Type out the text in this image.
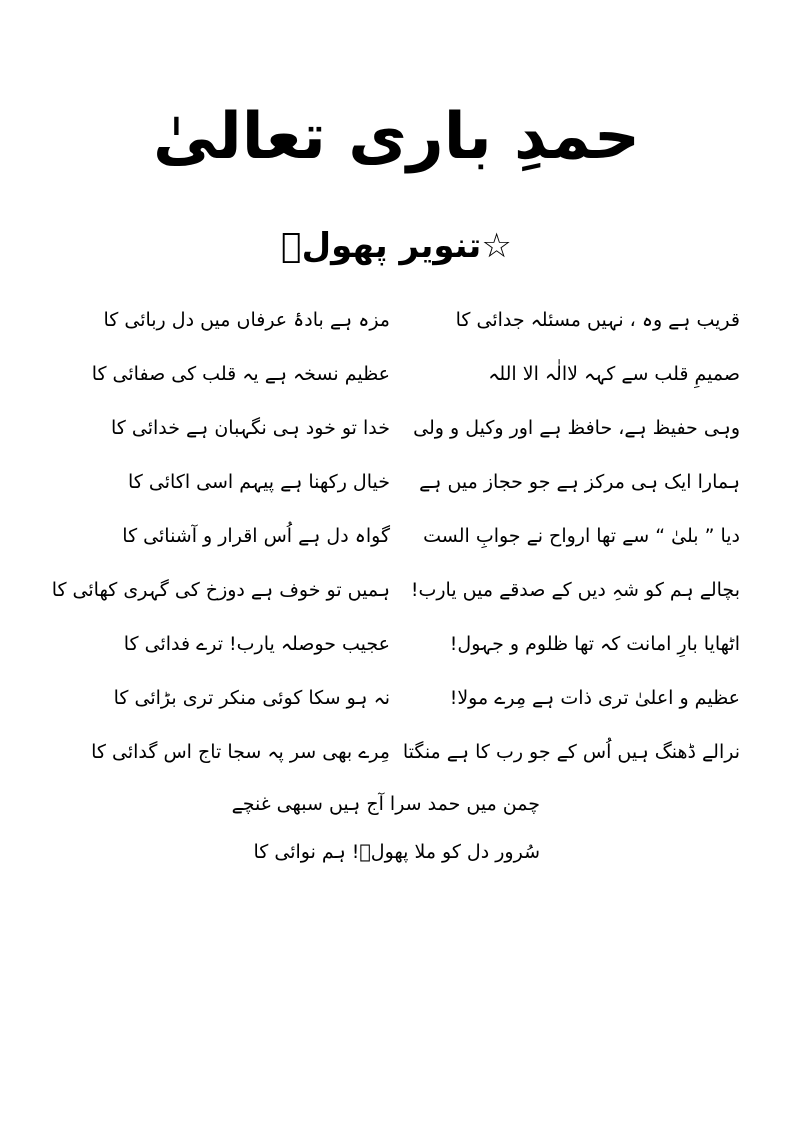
حمدِ باری تعالیٰ
☆تنویر پھولؔ
قریب ہے وہ ، نہیں مسئلہ جدائی کا
مزہ ہے بادۂ عرفاں میں دل ربائی کا
صمیمِ قلب سے کہہ لاالٰہ الا اللہ
عظیم نسخہ ہے یہ قلب کی صفائی کا
وہی حفیظ ہے، حافظ ہے اور وکیل و ولی
خدا تو خود ہی نگہبان ہے خدائی کا
ہمارا ایک ہی مرکز ہے جو حجاز میں ہے
خیال رکھنا ہے پیہم اسی اکائی کا
دیا ” بلیٰ “ سے تھا ارواح نے جوابِ الست
گواہ دل ہے اُس اقرار و آشنائی کا
بچالے ہم کو شہِ دیں کے صدقے میں یارب!
ہمیں تو خوف ہے دوزخ کی گہری کھائی کا
اٹھایا بارِ امانت کہ تھا ظلوم و جہول!
عجیب حوصلہ یارب! ترے فدائی کا
عظیم و اعلیٰ تری ذات ہے مِرے مولا!
نہ ہو سکا کوئی منکر تری بڑائی کا
نرالے ڈھنگ ہیں اُس کے جو رب کا ہے منگتا
مِرے بھی سر پہ سجا تاج اس گدائی کا
چمن میں حمد سرا آج ہیں سبھی غنچے
سُرور دل کو ملا پھولؔ! ہم نوائی کا
